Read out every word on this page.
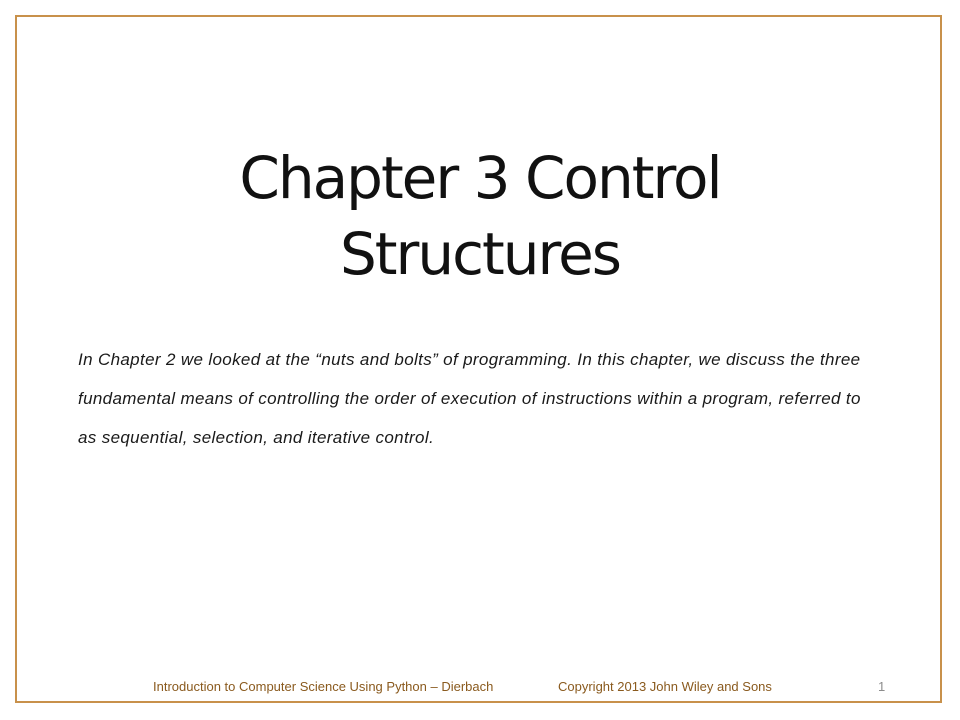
Chapter 3 Control Structures

In Chapter 2 we looked at the “nuts and bolts” of programming. In this chapter, we discuss the three fundamental means of controlling the order of execution of instructions within a program, referred to as sequential, selection, and iterative control.

Introduction to Computer Science Using Python – Dierbach	Copyright 2013 John Wiley and Sons	1
